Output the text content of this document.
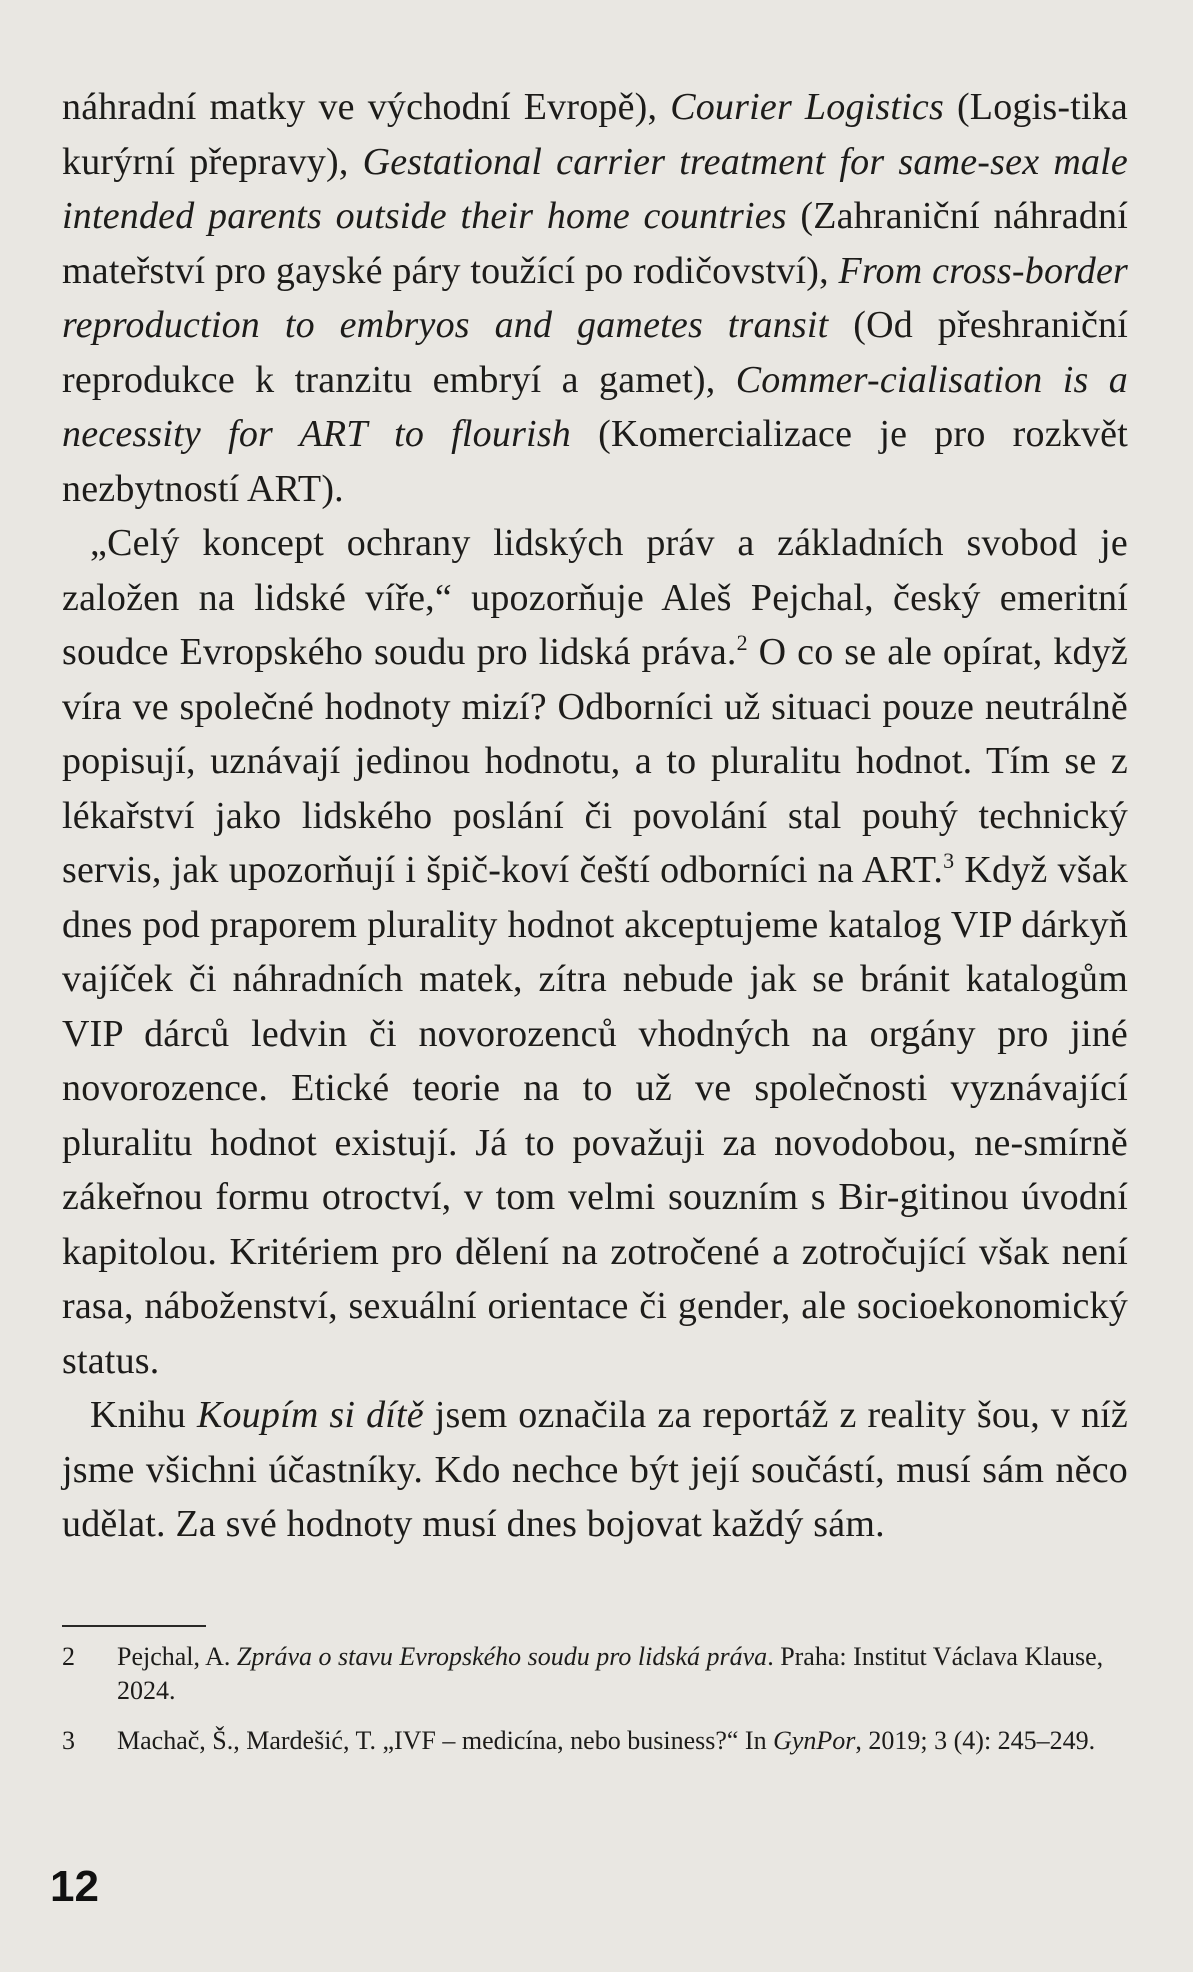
náhradní matky ve východní Evropě), Courier Logistics (Logis-tika kurýrní přepravy), Gestational carrier treatment for same-sex male intended parents outside their home countries (Zahraniční náhradní mateřství pro gayské páry toužící po rodičovství), From cross-border reproduction to embryos and gametes transit (Od přeshraniční reprodukce k tranzitu embryí a gamet), Commer-cialisation is a necessity for ART to flourish (Komercializace je pro rozkvět nezbytností ART).

„Celý koncept ochrany lidských práv a základních svobod je založen na lidské víře,“ upozorňuje Aleš Pejchal, český emeritní soudce Evropského soudu pro lidská práva.$^2$ O co se ale opírat, když víra ve společné hodnoty mizí? Odborníci už situaci pouze neutrálně popisují, uznávají jedinou hodnotu, a to pluralitu hodnot. Tím se z lékařství jako lidského poslání či povolání stal pouhý technický servis, jak upozorňují i špič-koví čeští odborníci na ART.$^3$ Když však dnes pod praporem plurality hodnot akceptujeme katalog VIP dárkyň vajíček či náhradních matek, zítra nebude jak se bránit katalogům VIP dárců ledvin či novorozenců vhodných na orgány pro jiné novorozence. Etické teorie na to už ve společnosti vyznávající pluralitu hodnot existují. Já to považuji za novodobou, ne-smírně zákeřnou formu otroctví, v tom velmi souzním s Bir-gitinou úvodní kapitolou. Kritériem pro dělení na zotročené a zotročující však není rasa, náboženství, sexuální orientace či gender, ale socioekonomický status.

Knihu Koupím si dítě jsem označila za reportáž z reality šou, v níž jsme všichni účastníky. Kdo nechce být její součástí, musí sám něco udělat. Za své hodnoty musí dnes bojovat každý sám.

2	Pejchal, A. Zpráva o stavu Evropského soudu pro lidská práva. Praha: Institut Václava Klause, 2024.
3	Machač, Š., Mardešić, T. „IVF – medicína, nebo business?“ In GynPor, 2019; 3 (4): 245–249.
12
